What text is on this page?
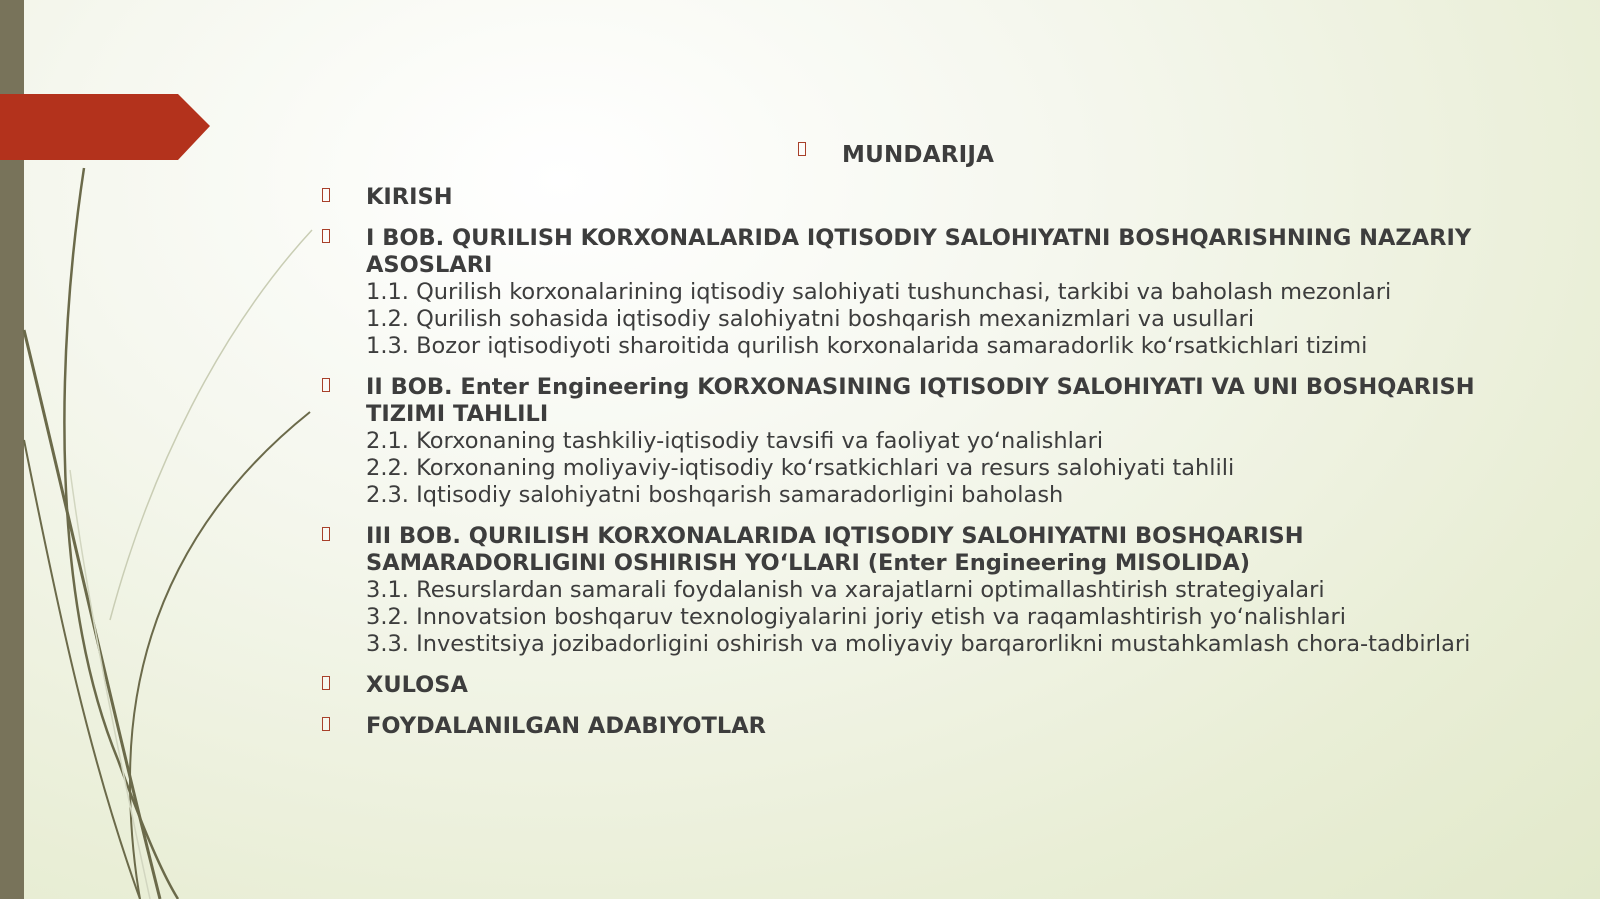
MUNDARIJA
KIRISH
I BOB. QURILISH KORXONALARIDA IQTISODIY SALOHIYATNI BOSHQARISHNING NAZARIY ASOSLARI
1.1. Qurilish korxonalarining iqtisodiy salohiyati tushunchasi, tarkibi va baholash mezonlari
1.2. Qurilish sohasida iqtisodiy salohiyatni boshqarish mexanizmlari va usullari
1.3. Bozor iqtisodiyoti sharoitida qurilish korxonalarida samaradorlik koʻrsatkichlari tizimi
II BOB. Enter Engineering KORXONASINING IQTISODIY SALOHIYATI VA UNI BOSHQARISH TIZIMI TAHLILI
2.1. Korxonaning tashkiliy-iqtisodiy tavsifi va faoliyat yoʻnalishlari
2.2. Korxonaning moliyaviy-iqtisodiy koʻrsatkichlari va resurs salohiyati tahlili
2.3. Iqtisodiy salohiyatni boshqarish samaradorligini baholash
III BOB. QURILISH KORXONALARIDA IQTISODIY SALOHIYATNI BOSHQARISH SAMARADORLIGINI OSHIRISH YOʻLLARI (Enter Engineering MISOLIDA)
3.1. Resurslardan samarali foydalanish va xarajatlarni optimallashtirish strategiyalari
3.2. Innovatsion boshqaruv texnologiyalarini joriy etish va raqamlashtirish yoʻnalishlari
3.3. Investitsiya jozibadorligini oshirish va moliyaviy barqarorlikni mustahkamlash chora-tadbirlari
XULOSA
FOYDALANILGAN ADABIYOTLAR
